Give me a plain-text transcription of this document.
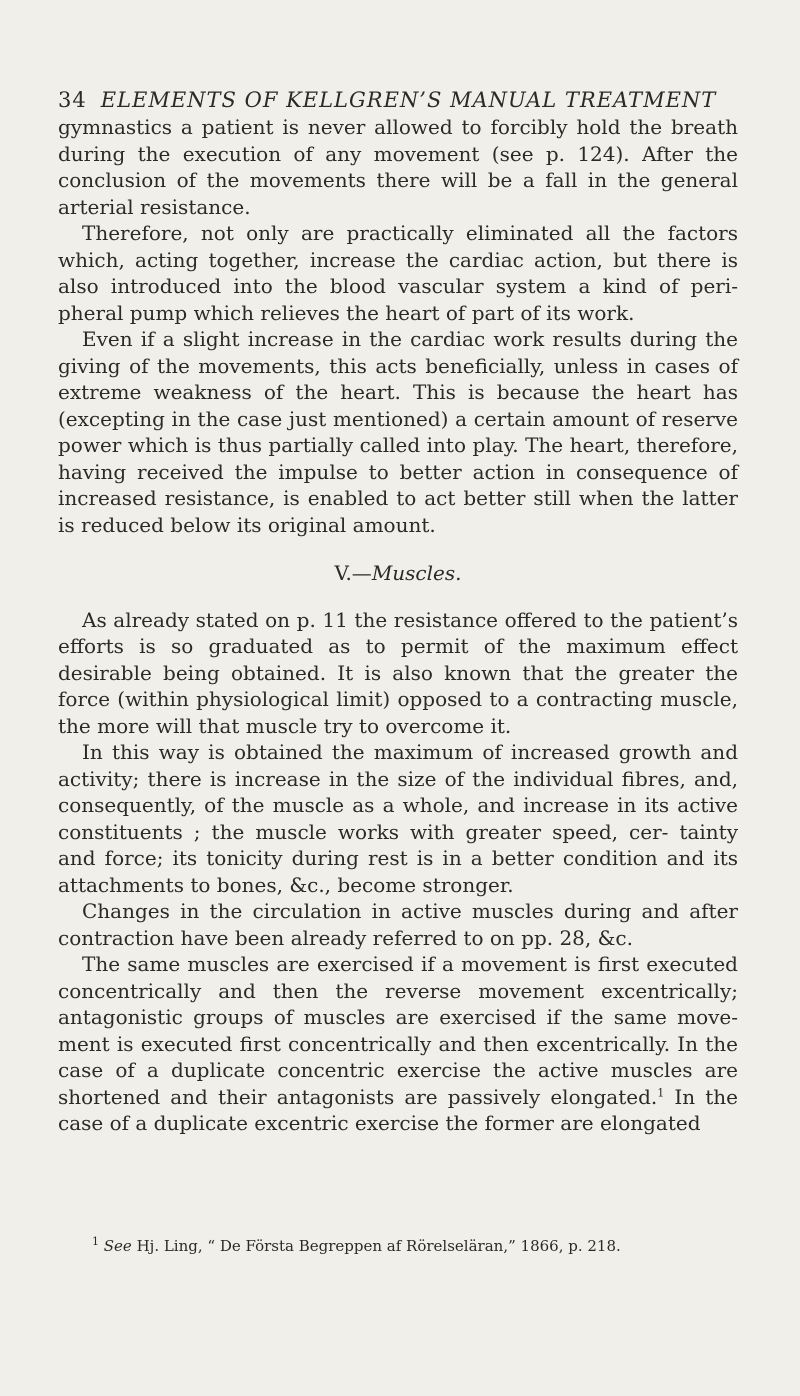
34 ELEMENTS OF KELLGREN’S MANUAL TREATMENT

gymnastics a patient is never allowed to forcibly hold the breath during the execution of any movement (see p. 124). After the conclusion of the movements there will be a fall in the general arterial resistance.

Therefore, not only are practically eliminated all the factors which, acting together, increase the cardiac action, but there is also introduced into the blood vascular system a kind of peri- pheral pump which relieves the heart of part of its work.

Even if a slight increase in the cardiac work results during the giving of the movements, this acts beneficially, unless in cases of extreme weakness of the heart. This is because the heart has (excepting in the case just mentioned) a certain amount of reserve power which is thus partially called into play. The heart, therefore, having received the impulse to better action in consequence of increased resistance, is enabled to act better still when the latter is reduced below its original amount.

V.—Muscles.

As already stated on p. 11 the resistance offered to the patient’s efforts is so graduated as to permit of the maximum effect desirable being obtained. It is also known that the greater the force (within physiological limit) opposed to a contracting muscle, the more will that muscle try to overcome it.

In this way is obtained the maximum of increased growth and activity; there is increase in the size of the individual fibres, and, consequently, of the muscle as a whole, and increase in its active constituents ; the muscle works with greater speed, cer- tainty and force; its tonicity during rest is in a better condition and its attachments to bones, &c., become stronger.

Changes in the circulation in active muscles during and after contraction have been already referred to on pp. 28, &c.

The same muscles are exercised if a movement is first executed concentrically and then the reverse movement excentrically; antagonistic groups of muscles are exercised if the same move- ment is executed first concentrically and then excentrically. In the case of a duplicate concentric exercise the active muscles are shortened and their antagonists are passively elongated.$^1$ In the case of a duplicate excentric exercise the former are elongated

$^1$ See Hj. Ling, “ De Första Begreppen af Rörelseläran,” 1866, p. 218.
